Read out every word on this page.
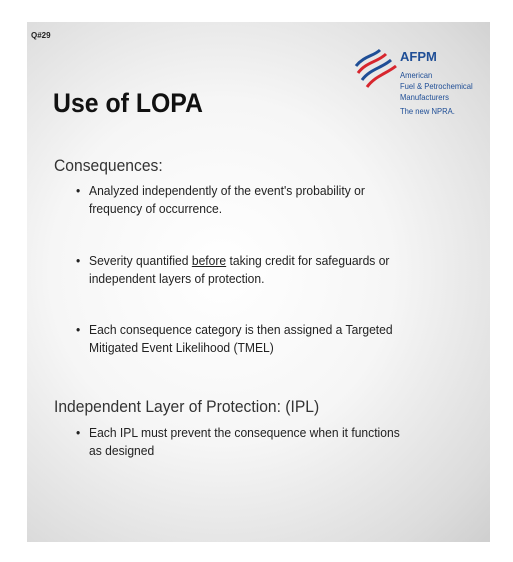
Q#29
AFPM
American
Fuel & Petrochemical
Manufacturers
The new NPRA.
Use of LOPA
Consequences:
• Analyzed independently of the event's probability or frequency of occurrence.
• Severity quantified before taking credit for safeguards or independent layers of protection.
• Each consequence category is then assigned a Targeted Mitigated Event Likelihood (TMEL)
Independent Layer of Protection: (IPL)
• Each IPL must prevent the consequence when it functions as designed
